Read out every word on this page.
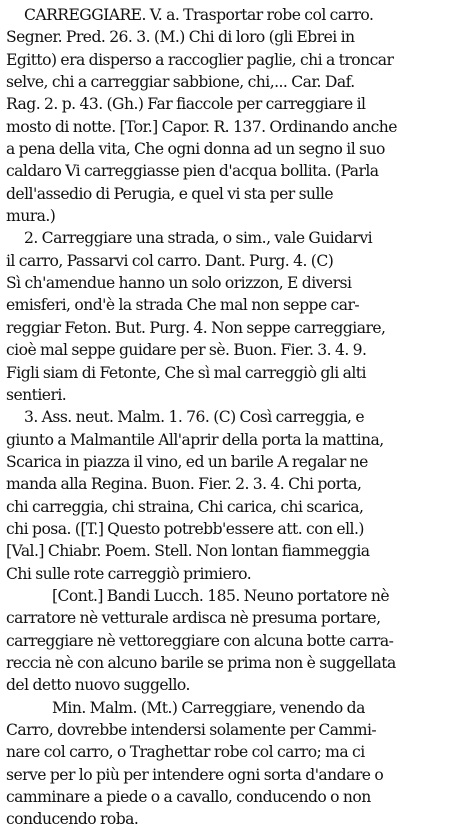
CARREGGIARE. V. a. Trasportar robe col carro.
Segner. Pred. 26. 3. (M.) Chi di loro (gli Ebrei in
Egitto) era disperso a raccoglier paglie, chi a troncar
selve, chi a carreggiar sabbione, chi,... Car. Daf.
Rag. 2. p. 43. (Gh.) Far fiaccole per carreggiare il
mosto di notte. [Tor.] Capor. R. 137. Ordinando anche
a pena della vita, Che ogni donna ad un segno il suo
caldaro Vi carreggiasse pien d'acqua bollita. (Parla
dell'assedio di Perugia, e quel vi sta per sulle
mura.)
2. Carreggiare una strada, o sim., vale Guidarvi
il carro, Passarvi col carro. Dant. Purg. 4. (C)
Sì ch'amendue hanno un solo orizzon, E diversi
emisferi, ond'è la strada Che mal non seppe car-
reggiar Feton. But. Purg. 4. Non seppe carreggiare,
cioè mal seppe guidare per sè. Buon. Fier. 3. 4. 9.
Figli siam di Fetonte, Che sì mal carreggiò gli alti
sentieri.
3. Ass. neut. Malm. 1. 76. (C) Così carreggia, e
giunto a Malmantile All'aprir della porta la mattina,
Scarica in piazza il vino, ed un barile A regalar ne
manda alla Regina. Buon. Fier. 2. 3. 4. Chi porta,
chi carreggia, chi straina, Chi carica, chi scarica,
chi posa. ([T.] Questo potrebb'essere att. con ell.)
[Val.] Chiabr. Poem. Stell. Non lontan fiammeggia
Chi sulle rote carreggiò primiero.
[Cont.] Bandi Lucch. 185. Neuno portatore nè
carratore nè vetturale ardisca nè presuma portare,
carreggiare nè vettoreggiare con alcuna botte carra-
reccia nè con alcuno barile se prima non è suggellata
del detto nuovo suggello.
Min. Malm. (Mt.) Carreggiare, venendo da
Carro, dovrebbe intendersi solamente per Cammi-
nare col carro, o Traghettar robe col carro; ma ci
serve per lo più per intendere ogni sorta d'andare o
camminare a piede o a cavallo, conducendo o non
conducendo roba.
